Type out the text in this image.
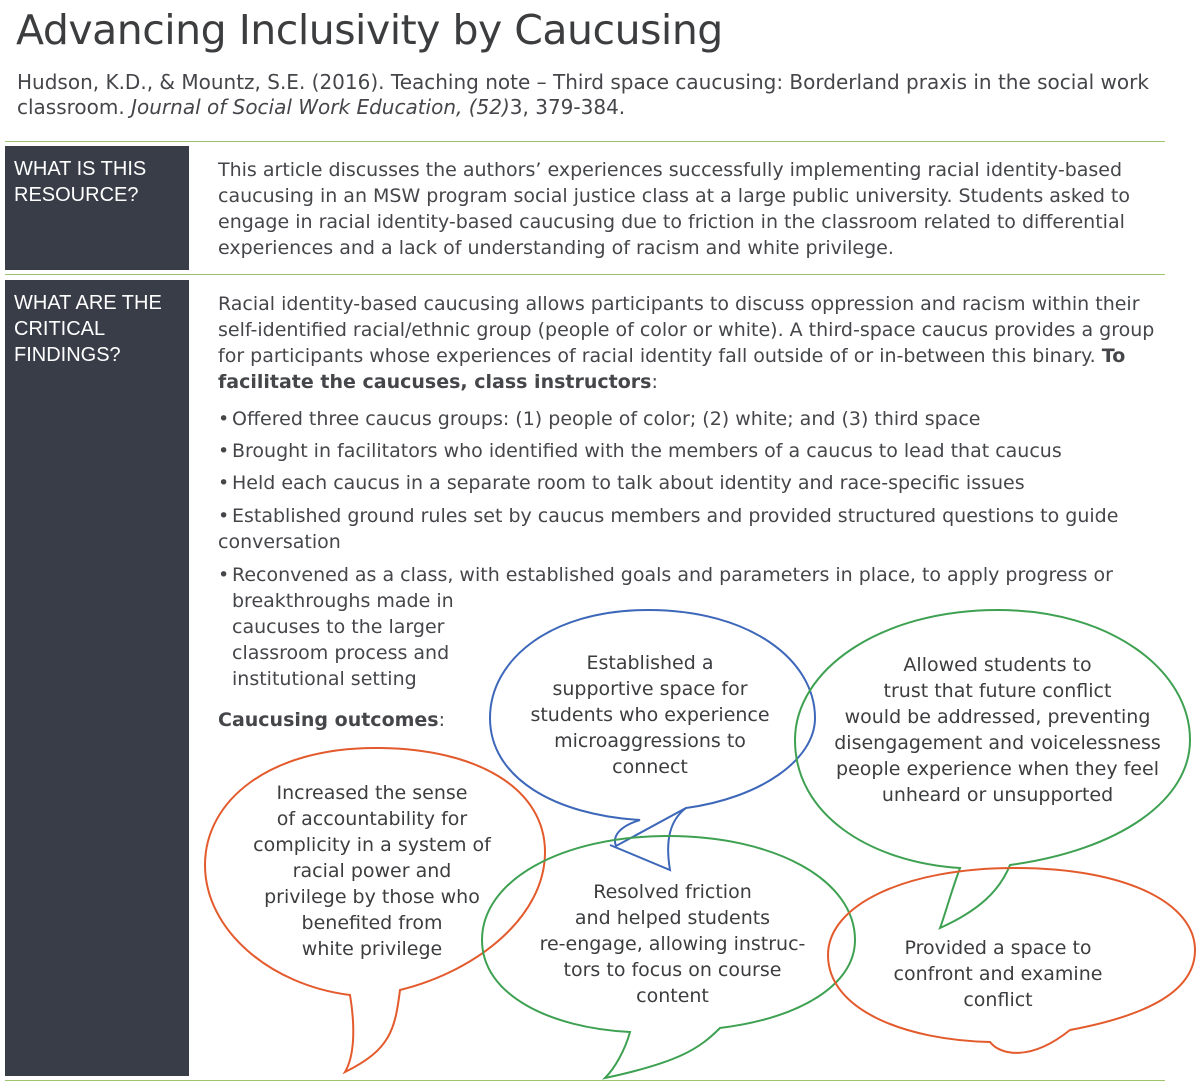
Advancing Inclusivity by Caucusing
Hudson, K.D., & Mountz, S.E. (2016). Teaching note – Third space caucusing: Borderland praxis in the social work classroom. Journal of Social Work Education, (52)3, 379-384.
WHAT IS THIS
RESOURCE?
This article discusses the authors’ experiences successfully implementing racial identity-based caucusing in an MSW program social justice class at a large public university. Students asked to engage in racial identity-based caucusing due to friction in the classroom related to differential experiences and a lack of understanding of racism and white privilege.
WHAT ARE THE
CRITICAL
FINDINGS?
Racial identity-based caucusing allows participants to discuss oppression and racism within their self-identified racial/ethnic group (people of color or white). A third-space caucus provides a group for participants whose experiences of racial identity fall outside of or in-between this binary. To facilitate the caucuses, class instructors:
• Offered three caucus groups: (1) people of color; (2) white; and (3) third space
• Brought in facilitators who identified with the members of a caucus to lead that caucus
• Held each caucus in a separate room to talk about identity and race-specific issues
• Established ground rules set by caucus members and provided structured questions to guide conversation
• Reconvened as a class, with established goals and parameters in place, to apply progress or
breakthroughs made in
caucuses to the larger
classroom process and
institutional setting
Caucusing outcomes:
Established a
supportive space for
students who experience
microaggressions to
connect
Allowed students to
trust that future conflict
would be addressed, preventing
disengagement and voicelessness
people experience when they feel
unheard or unsupported
Increased the sense
of accountability for
complicity in a system of
racial power and
privilege by those who
benefited from
white privilege
Resolved friction
and helped students
re-engage, allowing instruc-
tors to focus on course
content
Provided a space to
confront and examine
conflict
